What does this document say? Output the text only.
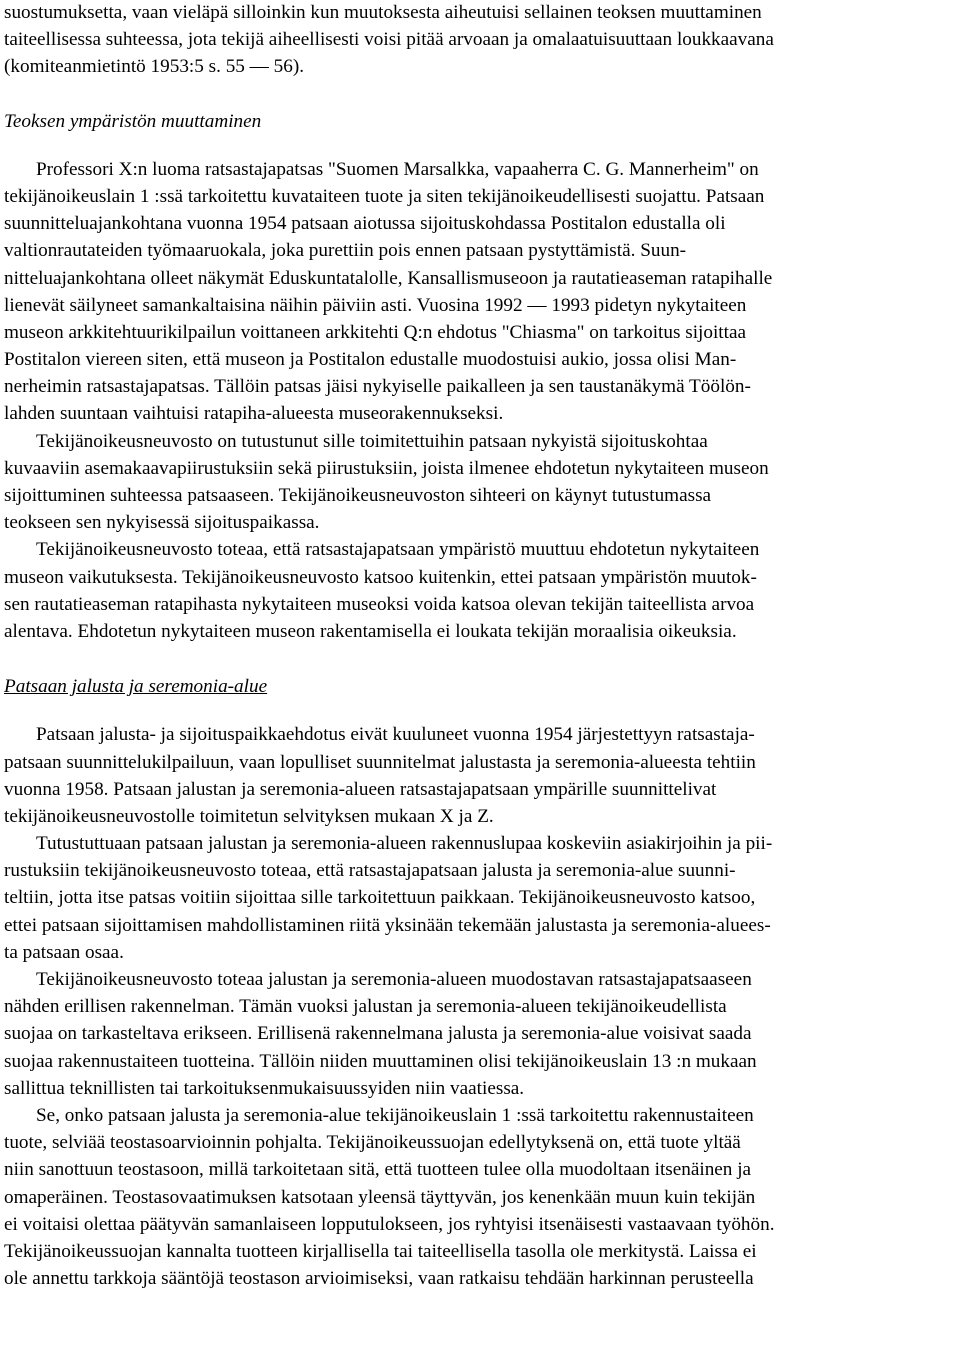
suostumuksetta, vaan vieläpä silloinkin kun muutoksesta aiheutuisi sellainen teoksen muuttaminen
taiteellisessa suhteessa, jota tekijä aiheellisesti voisi pitää arvoaan ja omalaatuisuuttaan loukkaavana
(komiteanmietintö 1953:5 s. 55 — 56).
Teoksen ympäristön muuttaminen
Professori X:n luoma ratsastajapatsas "Suomen Marsalkka, vapaaherra C. G. Mannerheim" on
tekijänoikeuslain 1 :ssä tarkoitettu kuvataiteen tuote ja siten tekijänoikeudellisesti suojattu. Patsaan
suunnitteluajankohtana vuonna 1954 patsaan aiotussa sijoituskohdassa Postitalon edustalla oli
valtionrautateiden työmaaruokala, joka purettiin pois ennen patsaan pystyttämistä. Suun-
nitteluajankohtana olleet näkymät Eduskuntatalolle, Kansallismuseoon ja rautatieaseman ratapihalle
lienevät säilyneet samankaltaisina näihin päiviin asti. Vuosina 1992 — 1993 pidetyn nykytaiteen
museon arkkitehtuurikilpailun voittaneen arkkitehti Q:n ehdotus "Chiasma" on tarkoitus sijoittaa
Postitalon viereen siten, että museon ja Postitalon edustalle muodostuisi aukio, jossa olisi Man-
nerheimin ratsastajapatsas. Tällöin patsas jäisi nykyiselle paikalleen ja sen taustanäkymä Töölön-
lahden suuntaan vaihtuisi ratapiha-alueesta museorakennukseksi.
Tekijänoikeusneuvosto on tutustunut sille toimitettuihin patsaan nykyistä sijoituskohtaa
kuvaaviin asemakaavapiirustuksiin sekä piirustuksiin, joista ilmenee ehdotetun nykytaiteen museon
sijoittuminen suhteessa patsaaseen. Tekijänoikeusneuvoston sihteeri on käynyt tutustumassa
teokseen sen nykyisessä sijoituspaikassa.
Tekijänoikeusneuvosto toteaa, että ratsastajapatsaan ympäristö muuttuu ehdotetun nykytaiteen
museon vaikutuksesta. Tekijänoikeusneuvosto katsoo kuitenkin, ettei patsaan ympäristön muutok-
sen rautatieaseman ratapihasta nykytaiteen museoksi voida katsoa olevan tekijän taiteellista arvoa
alentava. Ehdotetun nykytaiteen museon rakentamisella ei loukata tekijän moraalisia oikeuksia.
Patsaan jalusta ja seremonia-alue
Patsaan jalusta- ja sijoituspaikkaehdotus eivät kuuluneet vuonna 1954 järjestettyyn ratsastaja-
patsaan suunnittelukilpailuun, vaan lopulliset suunnitelmat jalustasta ja seremonia-alueesta tehtiin
vuonna 1958. Patsaan jalustan ja seremonia-alueen ratsastajapatsaan ympärille suunnittelivat
tekijänoikeusneuvostolle toimitetun selvityksen mukaan X ja Z.
Tutustuttuaan patsaan jalustan ja seremonia-alueen rakennuslupaa koskeviin asiakirjoihin ja pii-
rustuksiin tekijänoikeusneuvosto toteaa, että ratsastajapatsaan jalusta ja seremonia-alue suunni-
teltiin, jotta itse patsas voitiin sijoittaa sille tarkoitettuun paikkaan. Tekijänoikeusneuvosto katsoo,
ettei patsaan sijoittamisen mahdollistaminen riitä yksinään tekemään jalustasta ja seremonia-aluees-
ta patsaan osaa.
Tekijänoikeusneuvosto toteaa jalustan ja seremonia-alueen muodostavan ratsastajapatsaaseen
nähden erillisen rakennelman. Tämän vuoksi jalustan ja seremonia-alueen tekijänoikeudellista
suojaa on tarkasteltava erikseen. Erillisenä rakennelmana jalusta ja seremonia-alue voisivat saada
suojaa rakennustaiteen tuotteina. Tällöin niiden muuttaminen olisi tekijänoikeuslain 13 :n mukaan
sallittua teknillisten tai tarkoituksenmukaisuussyiden niin vaatiessa.
Se, onko patsaan jalusta ja seremonia-alue tekijänoikeuslain 1 :ssä tarkoitettu rakennustaiteen
tuote, selviää teostasoarvioinnin pohjalta. Tekijänoikeussuojan edellytyksenä on, että tuote yltää
niin sanottuun teostasoon, millä tarkoitetaan sitä, että tuotteen tulee olla muodoltaan itsenäinen ja
omaperäinen. Teostasovaatimuksen katsotaan yleensä täyttyvän, jos kenenkään muun kuin tekijän
ei voitaisi olettaa päätyvän samanlaiseen lopputulokseen, jos ryhtyisi itsenäisesti vastaavaan työhön.
Tekijänoikeussuojan kannalta tuotteen kirjallisella tai taiteellisella tasolla ole merkitystä. Laissa ei
ole annettu tarkkoja sääntöjä teostason arvioimiseksi, vaan ratkaisu tehdään harkinnan perusteella
